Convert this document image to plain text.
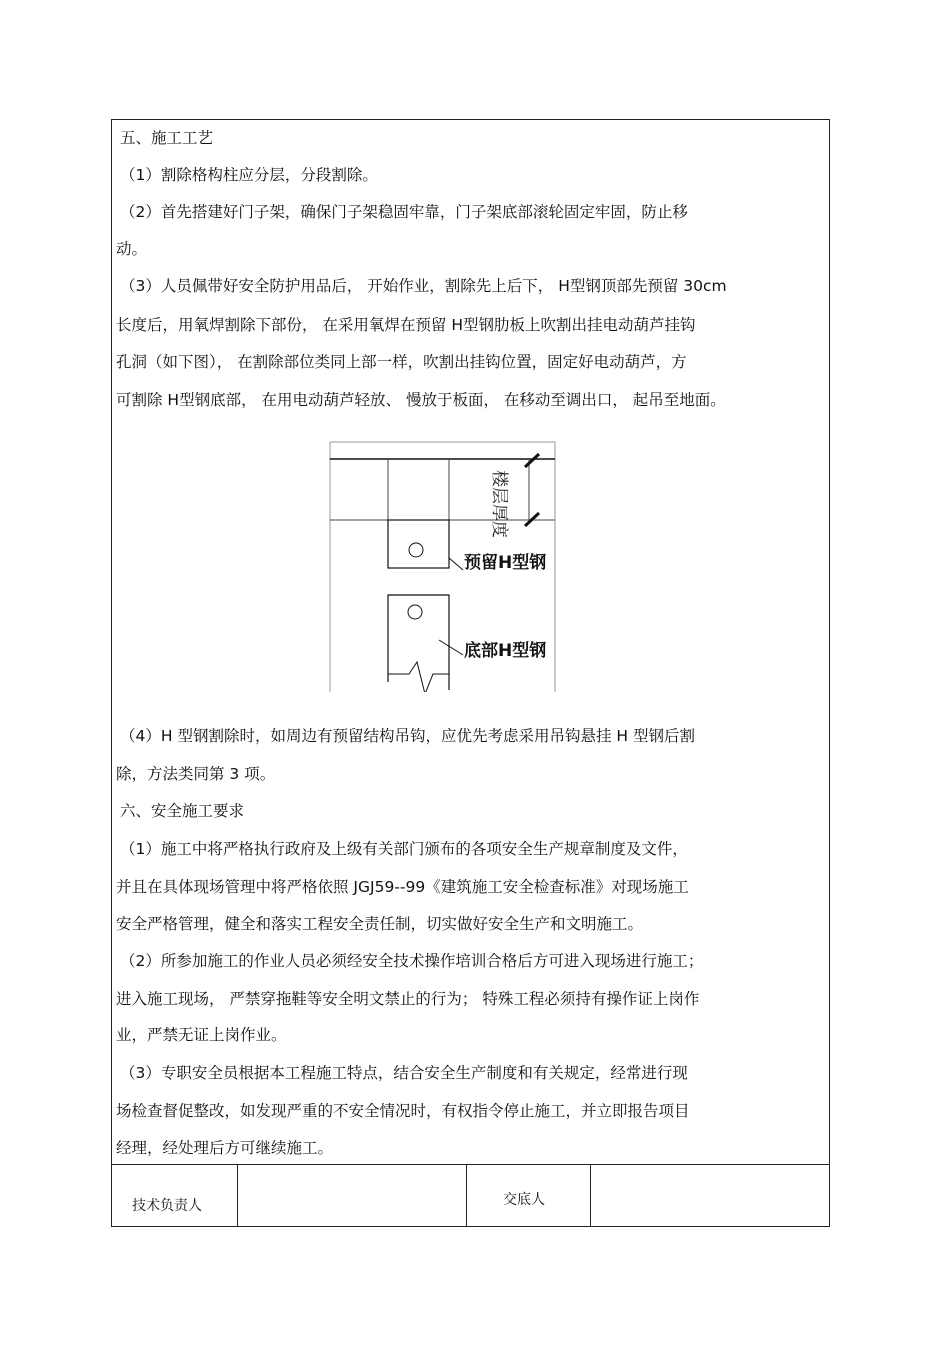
五、施工工艺
（1）割除格构柱应分层，分段割除。
（2）首先搭建好门子架，确保门子架稳固牢靠，门子架底部滚轮固定牢固，防止移
动。
（3）人员佩带好安全防护用品后， 开始作业，割除先上后下， H型钢顶部先预留 30cm
长度后，用氧焊割除下部份， 在采用氧焊在预留 H型钢肋板上吹割出挂电动葫芦挂钩
孔洞（如下图）， 在割除部位类同上部一样，吹割出挂钩位置，固定好电动葫芦，方
可割除 H型钢底部， 在用电动葫芦轻放、 慢放于板面， 在移动至调出口， 起吊至地面。
楼层厚度
预留H型钢
底部H型钢
（4）H 型钢割除时，如周边有预留结构吊钩，应优先考虑采用吊钩悬挂 H 型钢后割
除，方法类同第 3 项。
六、安全施工要求
（1）施工中将严格执行政府及上级有关部门颁布的各项安全生产规章制度及文件，
并且在具体现场管理中将严格依照 JGJ59--99《建筑施工安全检查标准》对现场施工
安全严格管理，健全和落实工程安全责任制，切实做好安全生产和文明施工。
（2）所参加施工的作业人员必须经安全技术操作培训合格后方可进入现场进行施工；
进入施工现场， 严禁穿拖鞋等安全明文禁止的行为； 特殊工程必须持有操作证上岗作
业，严禁无证上岗作业。
（3）专职安全员根据本工程施工特点，结合安全生产制度和有关规定，经常进行现
场检查督促整改，如发现严重的不安全情况时，有权指令停止施工，并立即报告项目
经理，经处理后方可继续施工。
技术负责人	交底人
